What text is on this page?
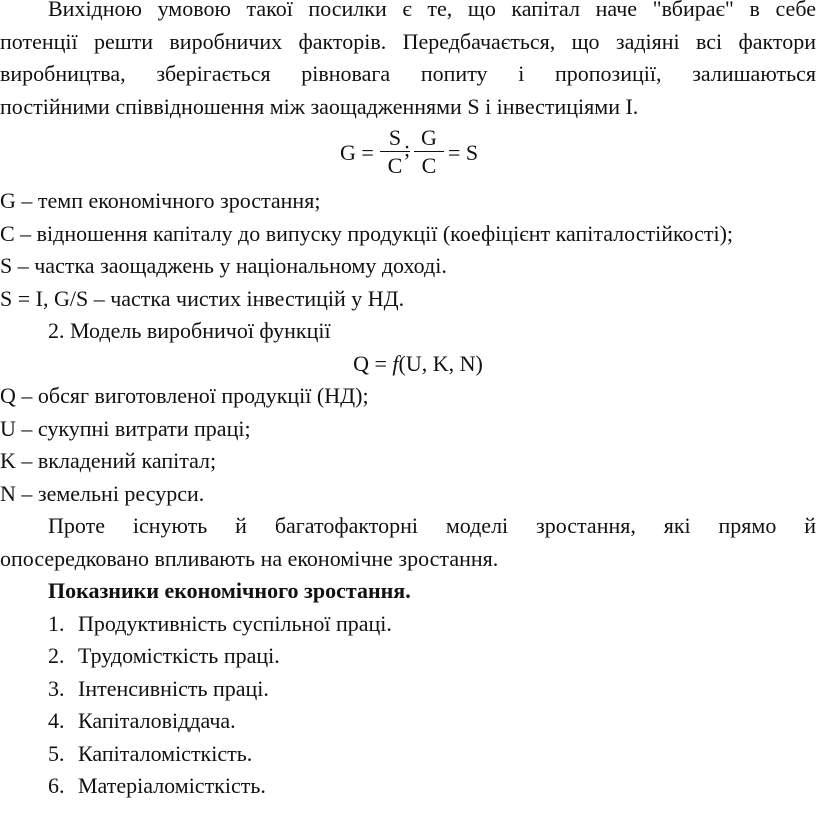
Вихідною умовою такої посилки є те, що капітал наче "вбирає" в себе

потенції решти виробничих факторів. Передбачається, що задіяні всі фактори

виробництва, зберігається рівновага попиту і пропозиції, залишаються

постійними співвідношення між заощадженнями S і інвестиціями I.

$G = \frac{S}{C}$
; $\frac{G}{C} = S$

G – темп економічного зростання;

C – відношення капіталу до випуску продукції (коефіцієнт капіталостійкості);

S – частка заощаджень у національному доході.

S = I, G/S – частка чистих інвестицій у НД.

2. Модель виробничої функції

Q = f(U, K, N)

Q – обсяг виготовленої продукції (НД);

U – сукупні витрати праці;

K – вкладений капітал;

N – земельні ресурси.

Проте існують й багатофакторні моделі зростання, які прямо й

опосередковано впливають на економічне зростання.

Показники економічного зростання.

1. Продуктивність суспільної праці.

2. Трудомісткість праці.

3. Інтенсивність праці.

4. Капіталовіддача.

5. Капіталомісткість.

6. Матеріаломісткість.
